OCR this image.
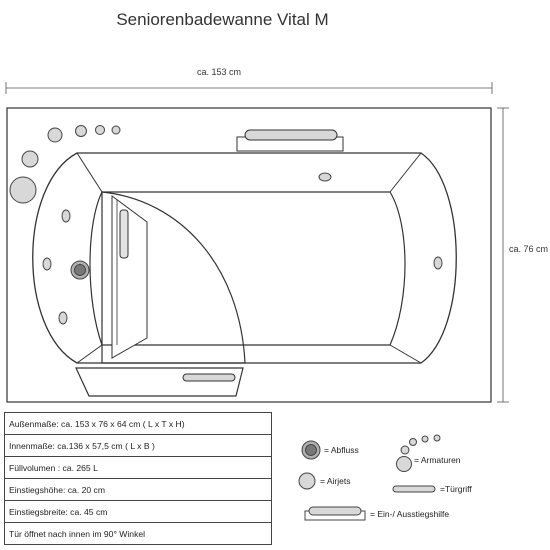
Seniorenbadewanne Vital M
ca. 153 cm
ca. 76 cm
Außenmaße: ca. 153 x 76 x 64 cm ( L x T x H)
Innenmaße: ca.136 x 57,5 cm ( L x B )
Füllvolumen : ca. 265 L
Einstiegshöhe: ca. 20 cm
Einstiegsbreite: ca. 45 cm
Tür öffnet nach innen im 90° Winkel
= Abfluss
= Airjets
= Armaturen
=Türgriff
= Ein-/ Ausstiegshilfe
